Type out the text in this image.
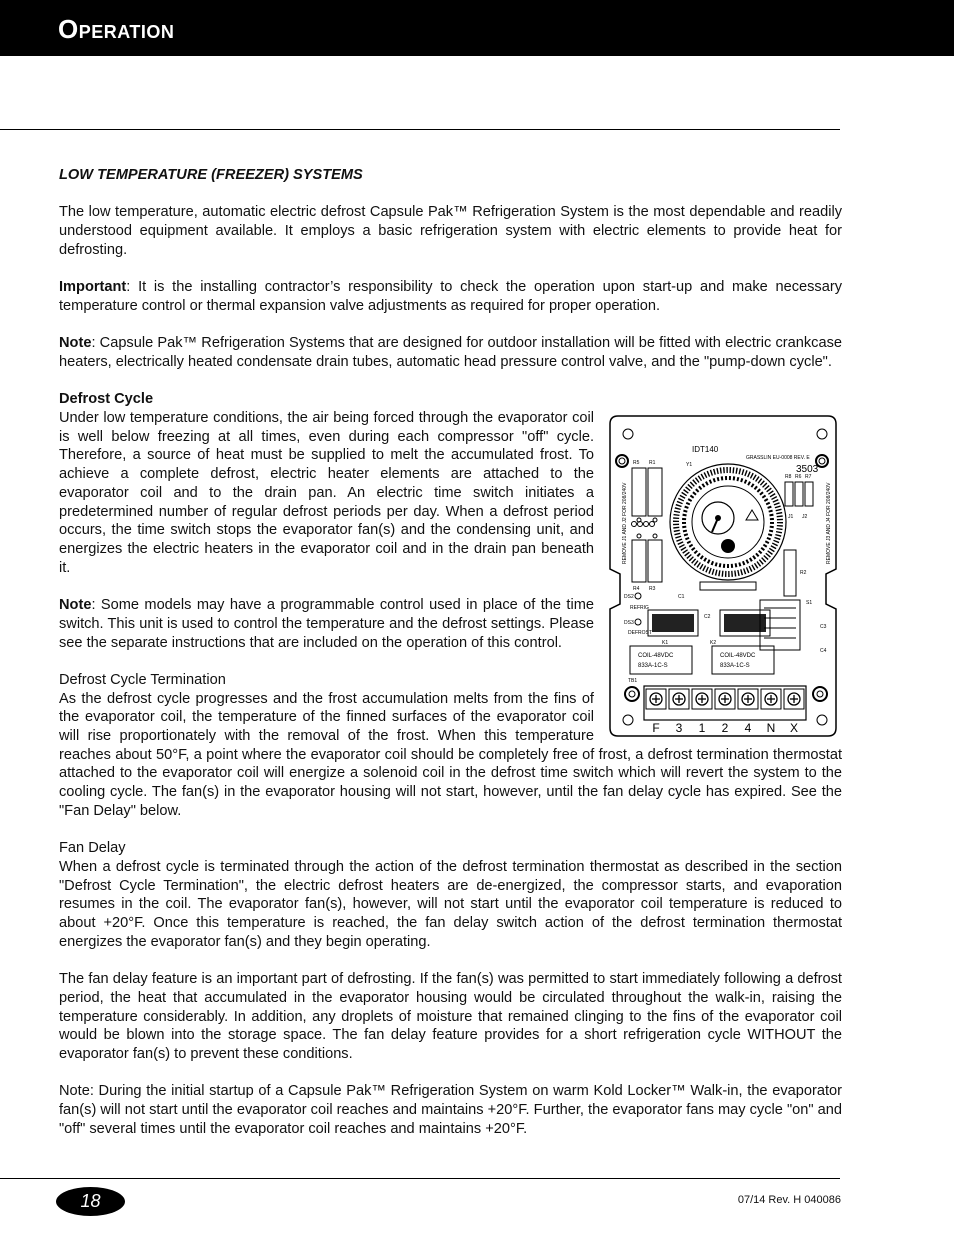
Operation

LOW TEMPERATURE (FREEZER) SYSTEMS

The low temperature, automatic electric defrost Capsule Pak™ Refrigeration System is the most dependable and readily understood equipment available. It employs a basic refrigeration system with electric elements to provide heat for defrosting.

Important: It is the installing contractor’s responsibility to check the operation upon start-up and make necessary temperature control or thermal expansion valve adjustments as required for proper operation.

Note: Capsule Pak™ Refrigeration Systems that are designed for outdoor installation will be fitted with electric crankcase heaters, electrically heated condensate drain tubes, automatic head pressure control valve, and the "pump-down cycle".

Defrost Cycle

IDT140
GRASSLIN EU-0008 REV. E
3503
Y1
REMOVE J1 AND J2 FOR 208/240V	REMOVE J3 AND J4 FOR 208/240V
R5 R1
R4 R3
R8 R6 R7
J1 J2
R2
DS2
REFRIG
DS3
DEFROST
C1
C2
K1	K2
COIL-48VDC
833A-1C-S
COIL-48VDC
833A-1C-S
S1
C3
C4
TB1
F 3 1 2 4 N X

Under low temperature conditions, the air being forced through the evaporator coil is well below freezing at all times, even during each compressor "off" cycle. Therefore, a source of heat must be supplied to melt the accumulated frost. To achieve a complete defrost, electric heater elements are attached to the evaporator coil and to the drain pan. An electric time switch initiates a predetermined number of regular defrost periods per day. When a defrost period occurs, the time switch stops the evaporator fan(s) and the condensing unit, and energizes the electric heaters in the evaporator coil and in the drain pan beneath it.

Note: Some models may have a programmable control used in place of the time switch. This unit is used to control the temperature and the defrost settings. Please see the separate instructions that are included on the operation of this control.

Defrost Cycle Termination

As the defrost cycle progresses and the frost accumulation melts from the fins of the evaporator coil, the temperature of the finned surfaces of the evaporator coil will rise proportionately with the removal of the frost. When this temperature reaches about 50°F, a point where the evaporator coil should be completely free of frost, a defrost termination thermostat attached to the evaporator coil will energize a solenoid coil in the defrost time switch which will revert the system to the cooling cycle. The fan(s) in the evaporator housing will not start, however, until the fan delay cycle has expired. See the "Fan Delay" below.

Fan Delay

When a defrost cycle is terminated through the action of the defrost termination thermostat as described in the section "Defrost Cycle Termination", the electric defrost heaters are de-energized, the compressor starts, and evaporation resumes in the coil. The evaporator fan(s), however, will not start until the evaporator coil temperature is reduced to about +20°F. Once this temperature is reached, the fan delay switch action of the defrost termination thermostat energizes the evaporator fan(s) and they begin operating.

The fan delay feature is an important part of defrosting. If the fan(s) was permitted to start immediately following a defrost period, the heat that accumulated in the evaporator housing would be circulated throughout the walk-in, raising the temperature considerably. In addition, any droplets of moisture that remained clinging to the fins of the evaporator coil would be blown into the storage space. The fan delay feature provides for a short refrigeration cycle WITHOUT the evaporator fan(s) to prevent these conditions.

Note: During the initial startup of a Capsule Pak™ Refrigeration System on warm Kold Locker™ Walk-in, the evaporator fan(s) will not start until the evaporator coil reaches and maintains +20°F. Further, the evaporator fans may cycle "on" and "off" several times until the evaporator coil reaches and maintains +20°F.

18	07/14 Rev. H 040086
